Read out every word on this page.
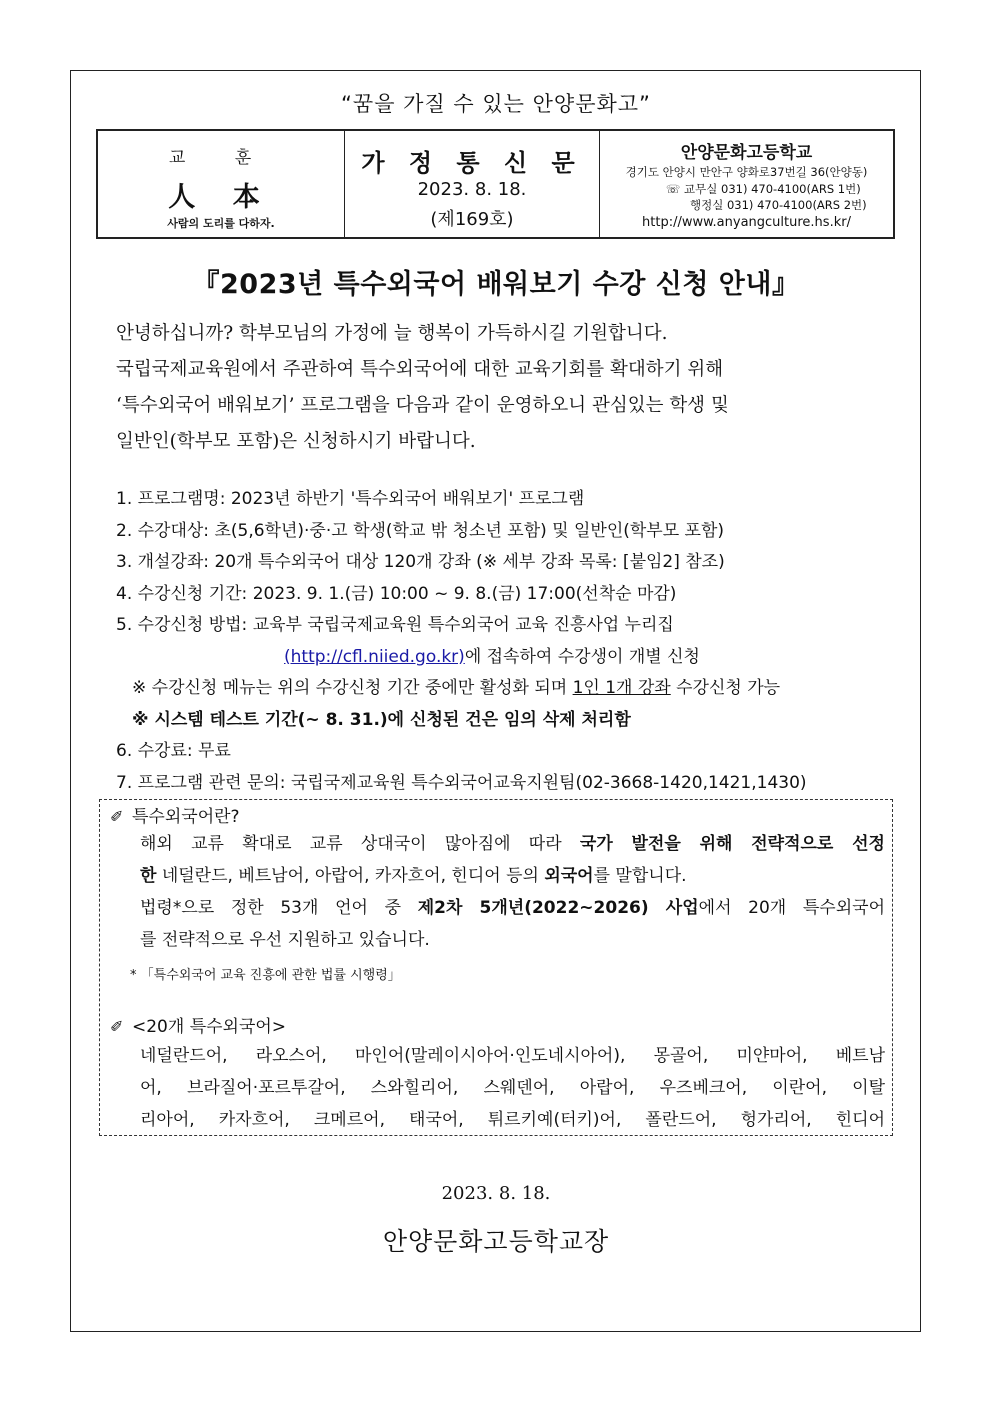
“꿈을 가질 수 있는 안양문화고”
교 훈
人 本
사람의 도리를 다하자.
가 정 통 신 문
2023. 8. 18.
(제169호)
안양문화고등학교
경기도 안양시 만안구 양화로37번길 36(안양동)
☏ 교무실 031) 470-4100(ARS 1번)
행정실 031) 470-4100(ARS 2번)
http://www.anyangculture.hs.kr/
『2023년 특수외국어 배워보기 수강 신청 안내』

안녕하십니까? 학부모님의 가정에 늘 행복이 가득하시길 기원합니다.

국립국제교육원에서 주관하여 특수외국어에 대한 교육기회를 확대하기 위해

‘특수외국어 배워보기’ 프로그램을 다음과 같이 운영하오니 관심있는 학생 및

일반인(학부모 포함)은 신청하시기 바랍니다.

1. 프로그램명: 2023년 하반기 '특수외국어 배워보기' 프로그램
2. 수강대상: 초(5,6학년)·중·고 학생(학교 밖 청소년 포함) 및 일반인(학부모 포함)
3. 개설강좌: 20개 특수외국어 대상 120개 강좌 (※ 세부 강좌 목록: [붙임2] 참조)
4. 수강신청 기간: 2023. 9. 1.(금) 10:00 ~ 9. 8.(금) 17:00(선착순 마감)
5. 수강신청 방법: 교육부 국립국제교육원 특수외국어 교육 진흥사업 누리집
(http://cfl.niied.go.kr)에 접속하여 수강생이 개별 신청
※ 수강신청 메뉴는 위의 수강신청 기간 중에만 활성화 되며 1인 1개 강좌 수강신청 가능
※ 시스템 테스트 기간(~ 8. 31.)에 신청된 건은 임의 삭제 처리함
6. 수강료: 무료
7. 프로그램 관련 문의: 국립국제교육원 특수외국어교육지원팀(02-3668-1420,1421,1430)
✐ 특수외국어란?
해외 교류 확대로 교류 상대국이 많아짐에 따라 국가 발전을 위해 전략적으로 선정
한 네덜란드, 베트남어, 아랍어, 카자흐어, 힌디어 등의 외국어를 말합니다.
법령*으로 정한 53개 언어 중 제2차 5개년(2022~2026) 사업에서 20개 특수외국어
를 전략적으로 우선 지원하고 있습니다.
* 「특수외국어 교육 진흥에 관한 법률 시행령」
✐ <20개 특수외국어>
네덜란드어, 라오스어, 마인어(말레이시아어·인도네시아어), 몽골어, 미얀마어, 베트남
어, 브라질어·포르투갈어, 스와힐리어, 스웨덴어, 아랍어, 우즈베크어, 이란어, 이탈
리아어, 카자흐어, 크메르어, 태국어, 튀르키예(터키)어, 폴란드어, 헝가리어, 힌디어
2023. 8. 18.
안양문화고등학교장
